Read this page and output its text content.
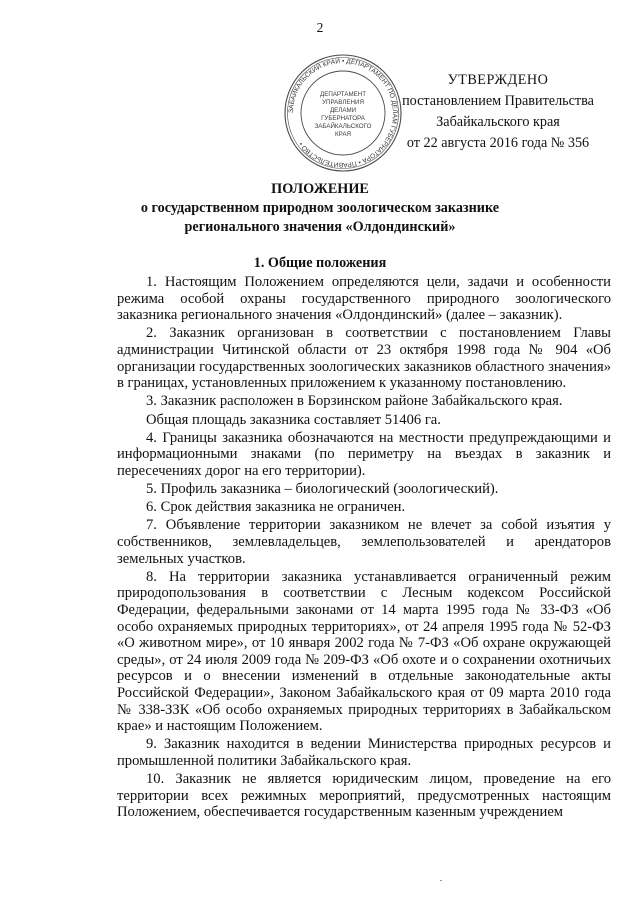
2
ЗАБАЙКАЛЬСКИЙ КРАЙ • ДЕПАРТАМЕНТ ПО ДЕЛАМ ГУБЕРНАТОРА • ПРАВИТЕЛЬСТВО •
ДЕПАРТАМЕНТ
УПРАВЛЕНИЯ
ДЕЛАМИ
ГУБЕРНАТОРА
ЗАБАЙКАЛЬСКОГО
КРАЯ
УТВЕРЖДЕНО
постановлением Правительства
Забайкальского края
от 22 августа 2016 года № 356
ПОЛОЖЕНИЕ
о государственном природном зоологическом заказнике
регионального значения «Олдондинский»
1. Общие положения

1. Настоящим Положением определяются цели, задачи и особенности режима особой охраны государственного природного зоологического заказника регионального значения «Олдондинский» (далее – заказник).

2. Заказник организован в соответствии с постановлением Главы администрации Читинской области от 23 октября 1998 года № 904 «Об организации государственных зоологических заказников областного значения» в границах, установленных приложением к указанному постановлению.

3. Заказник расположен в Борзинском районе Забайкальского края.

Общая площадь заказника составляет 51406 га.

4. Границы заказника обозначаются на местности предупреждающими и информационными знаками (по периметру на въездах в заказник и пересечениях дорог на его территории).

5. Профиль заказника – биологический (зоологический).

6. Срок действия заказника не ограничен.

7. Объявление территории заказником не влечет за собой изъятия у собственников, землевладельцев, землепользователей и арендаторов земельных участков.

8. На территории заказника устанавливается ограниченный режим природопользования в соответствии с Лесным кодексом Российской Федерации, федеральными законами от 14 марта 1995 года № 33-ФЗ «Об особо охраняемых природных территориях», от 24 апреля 1995 года № 52-ФЗ «О животном мире», от 10 января 2002 года № 7-ФЗ «Об охране окружающей среды», от 24 июля 2009 года № 209-ФЗ «Об охоте и о сохранении охотничьих ресурсов и о внесении изменений в отдельные законодательные акты Российской Федерации», Законом Забайкальского края от 09 марта 2010 года № 338-ЗЗК «Об особо охраняемых природных территориях в Забайкальском крае» и настоящим Положением.

9. Заказник находится в ведении Министерства природных ресурсов и промышленной политики Забайкальского края.

10. Заказник не является юридическим лицом, проведение на его территории всех режимных мероприятий, предусмотренных настоящим Положением, обеспечивается государственным казенным учреждением
